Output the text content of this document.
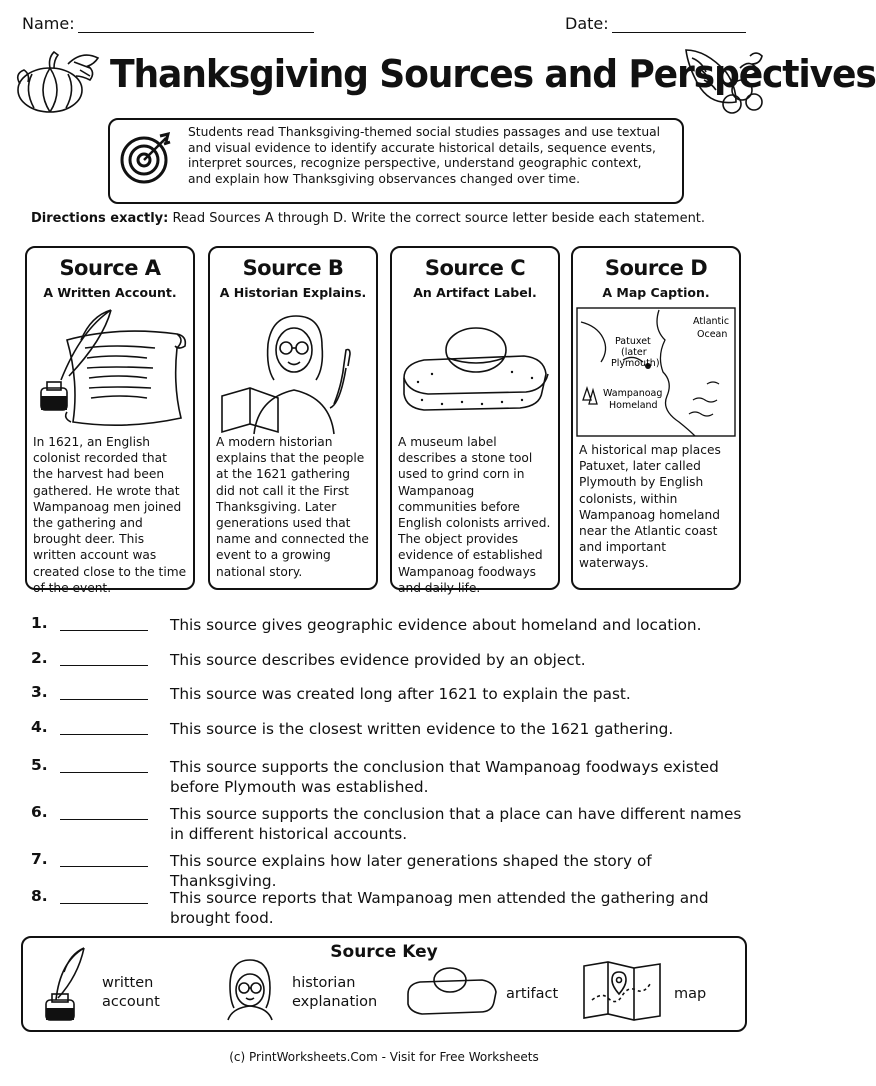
Name:	Date:
Thanksgiving Sources and Perspectives
Students read Thanksgiving-themed social studies passages and use textual and visual evidence to identify accurate historical details, sequence events, interpret sources, recognize perspective, understand geographic context, and explain how Thanksgiving observances changed over time.
Directions exactly: Read Sources A through D. Write the correct source letter beside each statement.
Source A
A Written Account.
In 1621, an English colonist recorded that the harvest had been gathered. He wrote that Wampanoag men joined the gathering and brought deer. This written account was created close to the time of the event.
Source B
A Historian Explains.
A modern historian explains that the people at the 1621 gathering did not call it the First Thanksgiving. Later generations used that name and connected the event to a growing national story.
Source C
An Artifact Label.
A museum label describes a stone tool used to grind corn in Wampanoag communities before English colonists arrived. The object provides evidence of established Wampanoag foodways and daily life.
Source D
A Map Caption.
Patuxet (later Plymouth)
Atlantic Ocean
Wampanoag Homeland
A historical map places Patuxet, later called Plymouth by English colonists, within Wampanoag homeland near the Atlantic coast and important waterways.
1.	This source gives geographic evidence about homeland and location.
2.	This source describes evidence provided by an object.
3.	This source was created long after 1621 to explain the past.
4.	This source is the closest written evidence to the 1621 gathering.
5.	This source supports the conclusion that Wampanoag foodways existed before Plymouth was established.
6.	This source supports the conclusion that a place can have different names in different historical accounts.
7.	This source explains how later generations shaped the story of Thanksgiving.
8.	This source reports that Wampanoag men attended the gathering and brought food.
Source Key
written
account
historian
explanation	artifact	map
(c) PrintWorksheets.Com - Visit for Free Worksheets
